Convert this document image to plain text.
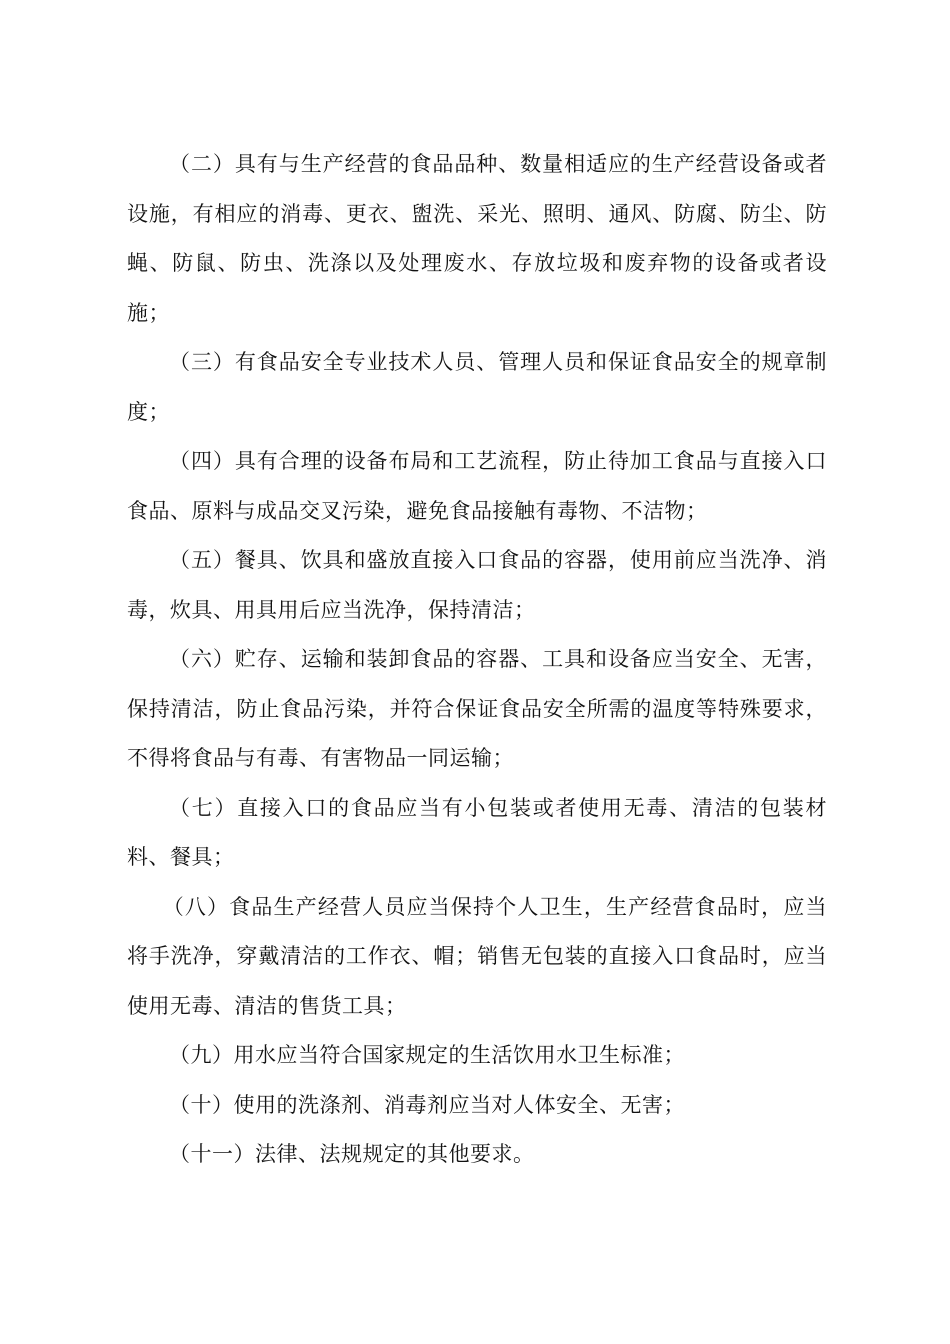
（二）具有与生产经营的食品品种、数量相适应的生产经营设备或者设施，有相应的消毒、更衣、盥洗、采光、照明、通风、防腐、防尘、防蝇、防鼠、防虫、洗涤以及处理废水、存放垃圾和废弃物的设备或者设施；

（三）有食品安全专业技术人员、管理人员和保证食品安全的规章制度；

（四）具有合理的设备布局和工艺流程，防止待加工食品与直接入口食品、原料与成品交叉污染，避免食品接触有毒物、不洁物；

（五）餐具、饮具和盛放直接入口食品的容器，使用前应当洗净、消毒，炊具、用具用后应当洗净，保持清洁；

（六）贮存、运输和装卸食品的容器、工具和设备应当安全、无害，保持清洁，防止食品污染，并符合保证食品安全所需的温度等特殊要求，不得将食品与有毒、有害物品一同运输；

（七）直接入口的食品应当有小包装或者使用无毒、清洁的包装材料、餐具；

（八）食品生产经营人员应当保持个人卫生，生产经营食品时，应当将手洗净，穿戴清洁的工作衣、帽；销售无包装的直接入口食品时，应当使用无毒、清洁的售货工具；

（九）用水应当符合国家规定的生活饮用水卫生标准；

（十）使用的洗涤剂、消毒剂应当对人体安全、无害；

（十一）法律、法规规定的其他要求。
